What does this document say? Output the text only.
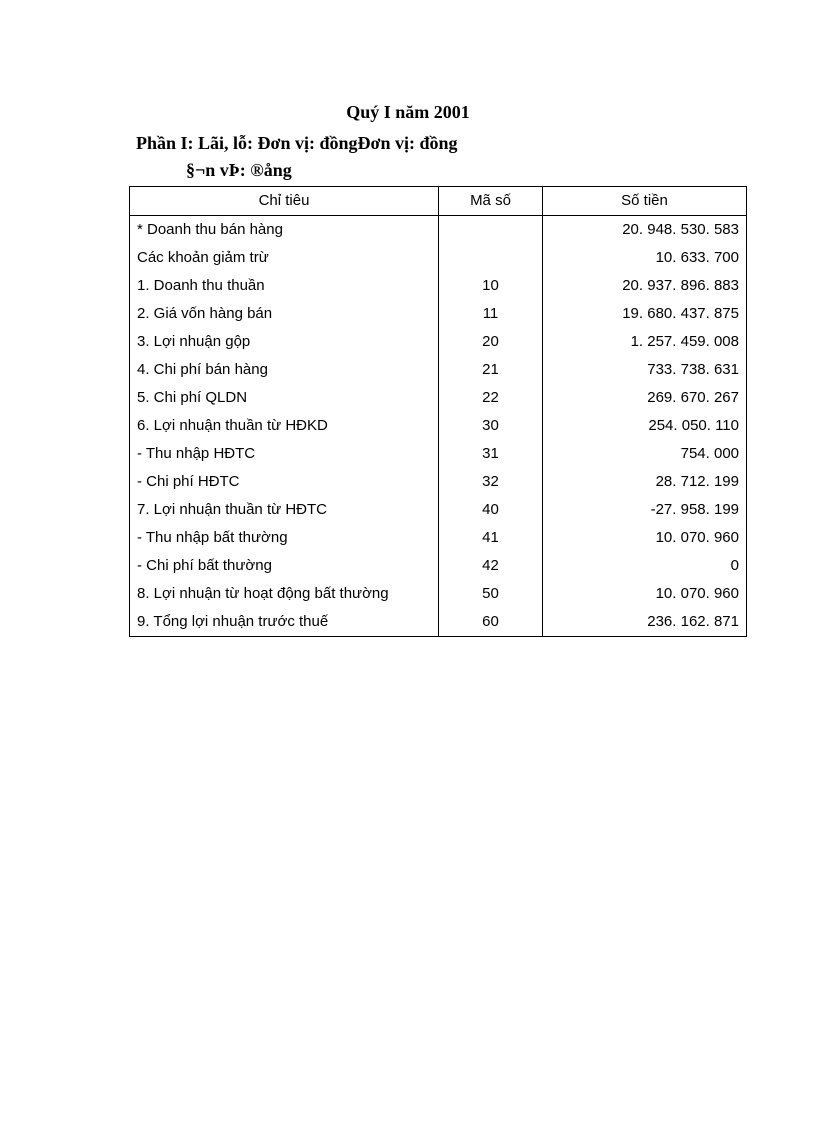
Quý I năm 2001
Phần I: Lãi, lỗ: Đơn vị: đồngĐơn vị: đồng
§¬n vÞ: ®ång
Chỉ tiêu	Mã số	Số tiền
* Doanh thu bán hàng		20. 948. 530. 583
Các khoản giảm trừ		10. 633. 700
1. Doanh thu thuần	10	20. 937. 896. 883
2. Giá vốn hàng bán	11	19. 680. 437. 875
3. Lợi nhuận gộp	20	1. 257. 459. 008
4. Chi phí bán hàng	21	733. 738. 631
5. Chi phí QLDN	22	269. 670. 267
6. Lợi nhuận thuần từ HĐKD	30	254. 050. 110
- Thu nhập HĐTC	31	754. 000
- Chi phí HĐTC	32	28. 712. 199
7. Lợi nhuận thuần từ HĐTC	40	-27. 958. 199
- Thu nhập bất thường	41	10. 070. 960
- Chi phí bất thường	42	0
8. Lợi nhuận từ hoạt động bất thường	50	10. 070. 960
9. Tổng lợi nhuận trước thuế	60	236. 162. 871
